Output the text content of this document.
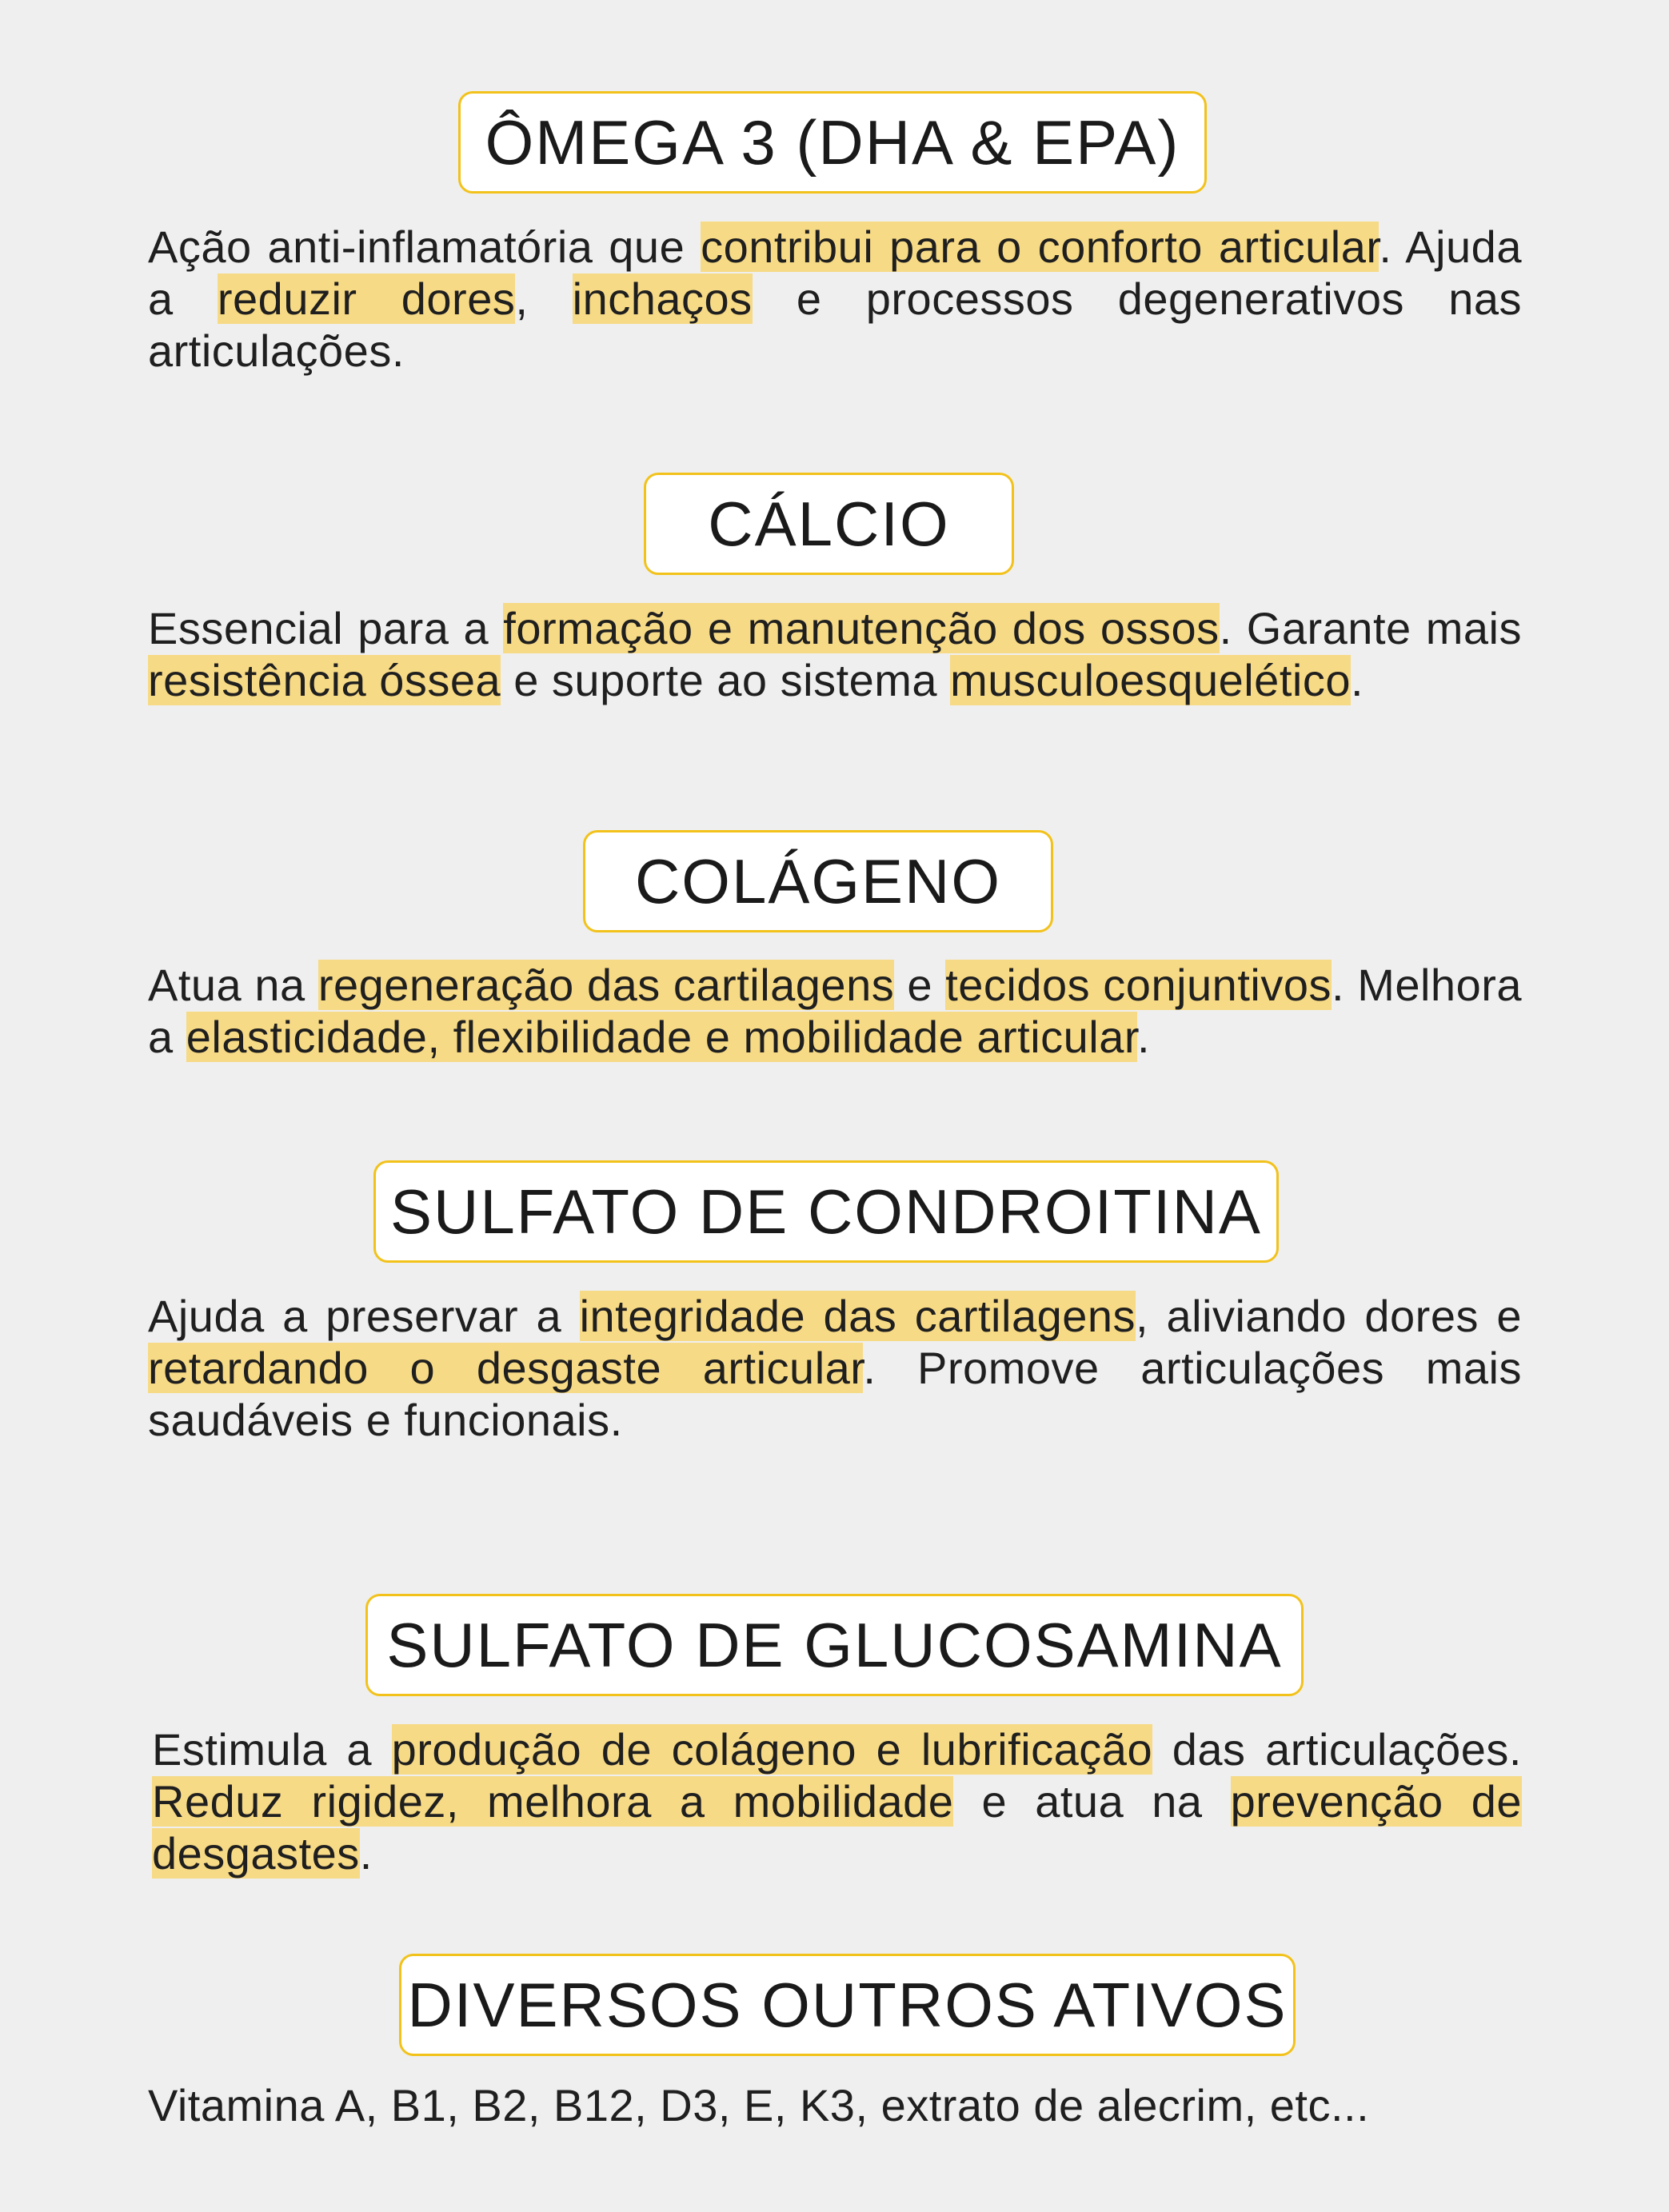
ÔMEGA 3 (DHA & EPA)
Ação anti-inflamatória que contribui para o conforto articular. Ajuda a reduzir dores, inchaços e processos degenerativos nas articulações.
CÁLCIO
Essencial para a formação e manutenção dos ossos. Garante mais resistência óssea e suporte ao sistema musculoesquelético.
COLÁGENO
Atua na regeneração das cartilagens e tecidos conjuntivos. Melhora a elasticidade, flexibilidade e mobilidade articular.
SULFATO DE CONDROITINA
Ajuda a preservar a integridade das cartilagens, aliviando dores e retardando o desgaste articular. Promove articulações mais saudáveis e funcionais.
SULFATO DE GLUCOSAMINA
Estimula a produção de colágeno e lubrificação das articulações. Reduz rigidez, melhora a mobilidade e atua na prevenção de desgastes.
DIVERSOS OUTROS ATIVOS
Vitamina A, B1, B2, B12, D3, E, K3, extrato de alecrim, etc...
